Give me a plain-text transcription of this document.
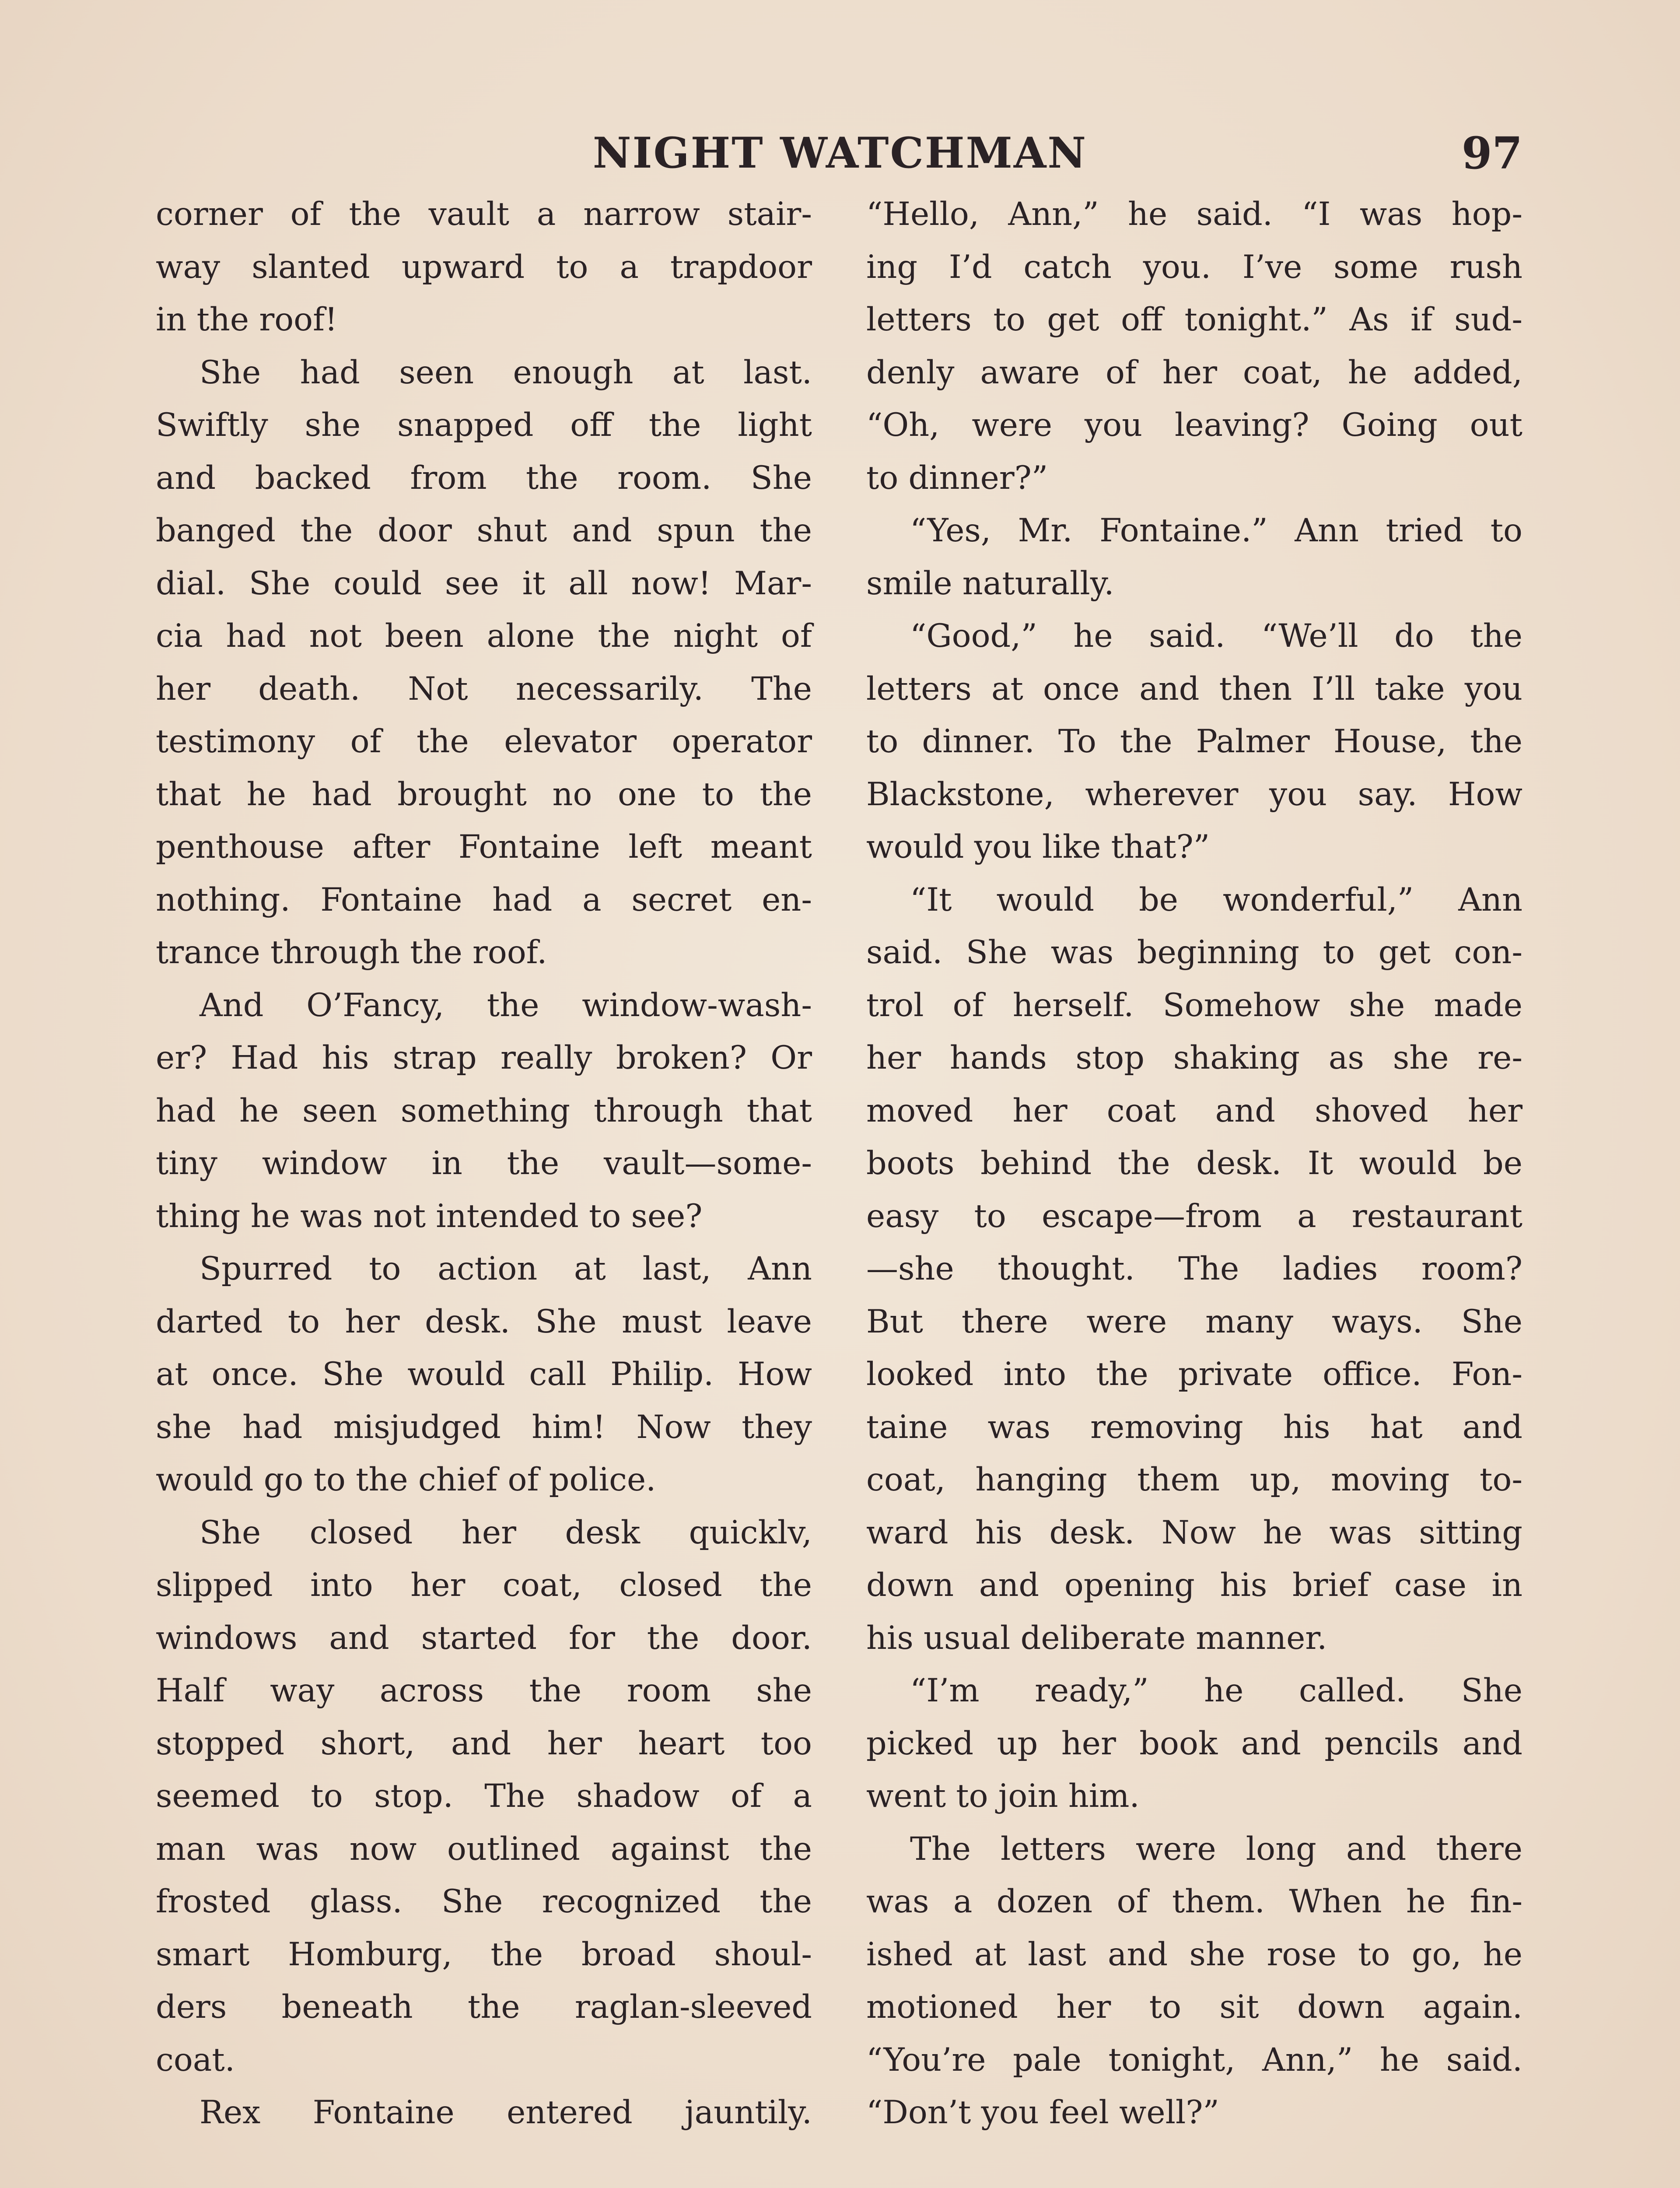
NIGHT WATCHMAN	97
corner of the vault a narrow stair-
way slanted upward to a trapdoor
in the roof!
She had seen enough at last.
Swiftly she snapped off the light
and backed from the room. She
banged the door shut and spun the
dial. She could see it all now! Mar-
cia had not been alone the night of
her death. Not necessarily. The
testimony of the elevator operator
that he had brought no one to the
penthouse after Fontaine left meant
nothing. Fontaine had a secret en-
trance through the roof.
And O’Fancy, the window-wash-
er? Had his strap really broken? Or
had he seen something through that
tiny window in the vault—some-
thing he was not intended to see?
Spurred to action at last, Ann
darted to her desk. She must leave
at once. She would call Philip. How
she had misjudged him! Now they
would go to the chief of police.
She closed her desk quicklv,
slipped into her coat, closed the
windows and started for the door.
Half way across the room she
stopped short, and her heart too
seemed to stop. The shadow of a
man was now outlined against the
frosted glass. She recognized the
smart Homburg, the broad shoul-
ders beneath the raglan-sleeved
coat.
Rex Fontaine entered jauntily.
“Hello, Ann,” he said. “I was hop-
ing I’d catch you. I’ve some rush
letters to get off tonight.” As if sud-
denly aware of her coat, he added,
“Oh, were you leaving? Going out
to dinner?”
“Yes, Mr. Fontaine.” Ann tried to
smile naturally.
“Good,” he said. “We’ll do the
letters at once and then I’ll take you
to dinner. To the Palmer House, the
Blackstone, wherever you say. How
would you like that?”
“It would be wonderful,” Ann
said. She was beginning to get con-
trol of herself. Somehow she made
her hands stop shaking as she re-
moved her coat and shoved her
boots behind the desk. It would be
easy to escape—from a restaurant
—she thought. The ladies room?
But there were many ways. She
looked into the private office. Fon-
taine was removing his hat and
coat, hanging them up, moving to-
ward his desk. Now he was sitting
down and opening his brief case in
his usual deliberate manner.
“I’m ready,” he called. She
picked up her book and pencils and
went to join him.
The letters were long and there
was a dozen of them. When he fin-
ished at last and she rose to go, he
motioned her to sit down again.
“You’re pale tonight, Ann,” he said.
“Don’t you feel well?”
